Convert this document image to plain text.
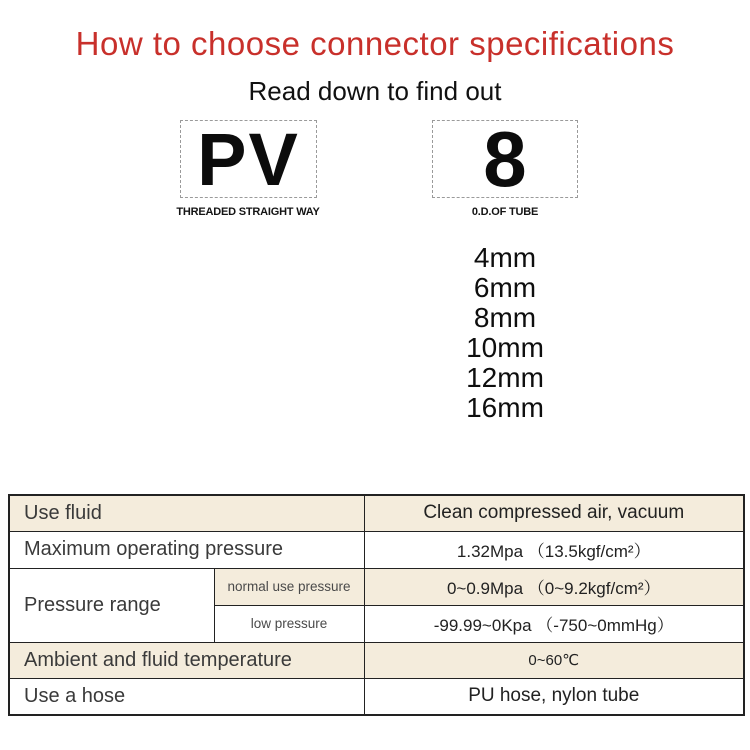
How to choose connector specifications
Read down to find out
PV 8
THREADED STRAIGHT WAY	0.D.OF TUBE
4mm
6mm
8mm
10mm
12mm
16mm
Use fluid		Clean compressed air, vacuum
Maximum operating pressure		1.32Mpa （13.5kgf/cm²）
Pressure range	normal use pressure	0~0.9Mpa （0~9.2kgf/cm²）
	low pressure	-99.99~0Kpa （-750~0mmHg）
Ambient and fluid temperature		0~60℃
Use a hose		PU hose, nylon tube
